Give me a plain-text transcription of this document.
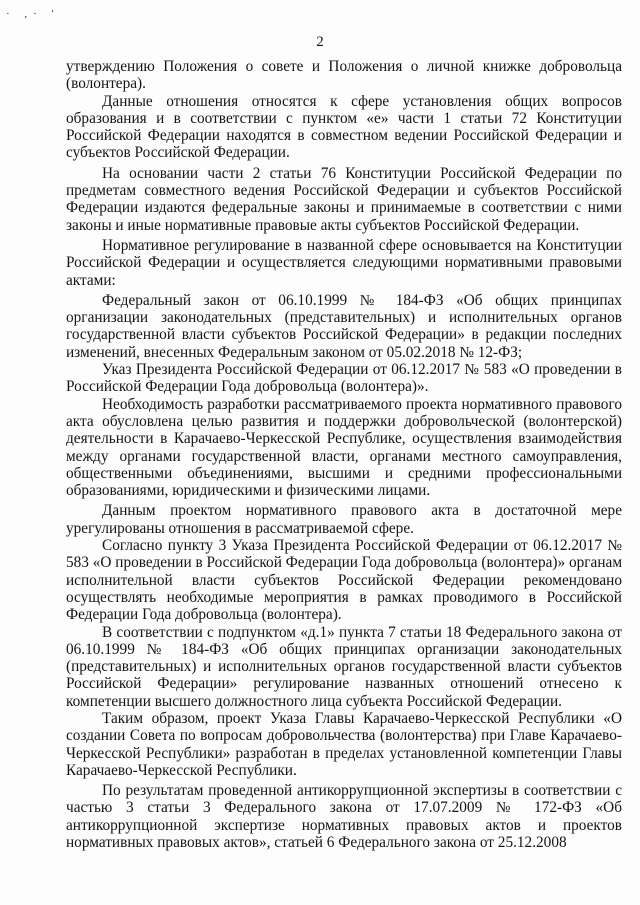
· ,· '
2

утверждению Положения о совете и Положения о личной книжке добровольца (волонтера).

Данные отношения относятся к сфере установления общих вопросов образования и в соответствии с пунктом «е» части 1 статьи 72 Конституции Российской Федерации находятся в совместном ведении Российской Федерации и субъектов Российской Федерации.

На основании части 2 статьи 76 Конституции Российской Федерации по предметам совместного ведения Российской Федерации и субъектов Российской Федерации издаются федеральные законы и принимаемые в соответствии с ними законы и иные нормативные правовые акты субъектов Российской Федерации.

Нормативное регулирование в названной сфере основывается на Конституции Российской Федерации и осуществляется следующими нормативными правовыми актами:

Федеральный закон от 06.10.1999 № 184-ФЗ «Об общих принципах организации законодательных (представительных) и исполнительных органов государственной власти субъектов Российской Федерации» в редакции последних изменений, внесенных Федеральным законом от 05.02.2018 № 12-ФЗ;

Указ Президента Российской Федерации от 06.12.2017 № 583 «О проведении в Российской Федерации Года добровольца (волонтера)».

Необходимость разработки рассматриваемого проекта нормативного правового акта обусловлена целью развития и поддержки добровольческой (волонтерской) деятельности в Карачаево-Черкесской Республике, осуществления взаимодействия между органами государственной власти, органами местного самоуправления, общественными объединениями, высшими и средними профессиональными образованиями, юридическими и физическими лицами.

Данным проектом нормативного правового акта в достаточной мере урегулированы отношения в рассматриваемой сфере.

Согласно пункту 3 Указа Президента Российской Федерации от 06.12.2017 № 583 «О проведении в Российской Федерации Года добровольца (волонтера)» органам исполнительной власти субъектов Российской Федерации рекомендовано осуществлять необходимые мероприятия в рамках проводимого в Российской Федерации Года добровольца (волонтера).

В соответствии с подпунктом «д.1» пункта 7 статьи 18 Федерального закона от 06.10.1999 № 184-ФЗ «Об общих принципах организации законодательных (представительных) и исполнительных органов государственной власти субъектов Российской Федерации» регулирование названных отношений отнесено к компетенции высшего должностного лица субъекта Российской Федерации.

Таким образом, проект Указа Главы Карачаево-Черкесской Республики «О создании Совета по вопросам добровольчества (волонтерства) при Главе Карачаево-Черкесской Республики» разработан в пределах установленной компетенции Главы Карачаево-Черкесской Республики.

По результатам проведенной антикоррупционной экспертизы в соответствии с частью 3 статьи 3 Федерального закона от 17.07.2009 № 172-ФЗ «Об антикоррупционной экспертизе нормативных правовых актов и проектов нормативных правовых актов», статьей 6 Федерального закона от 25.12.2008
